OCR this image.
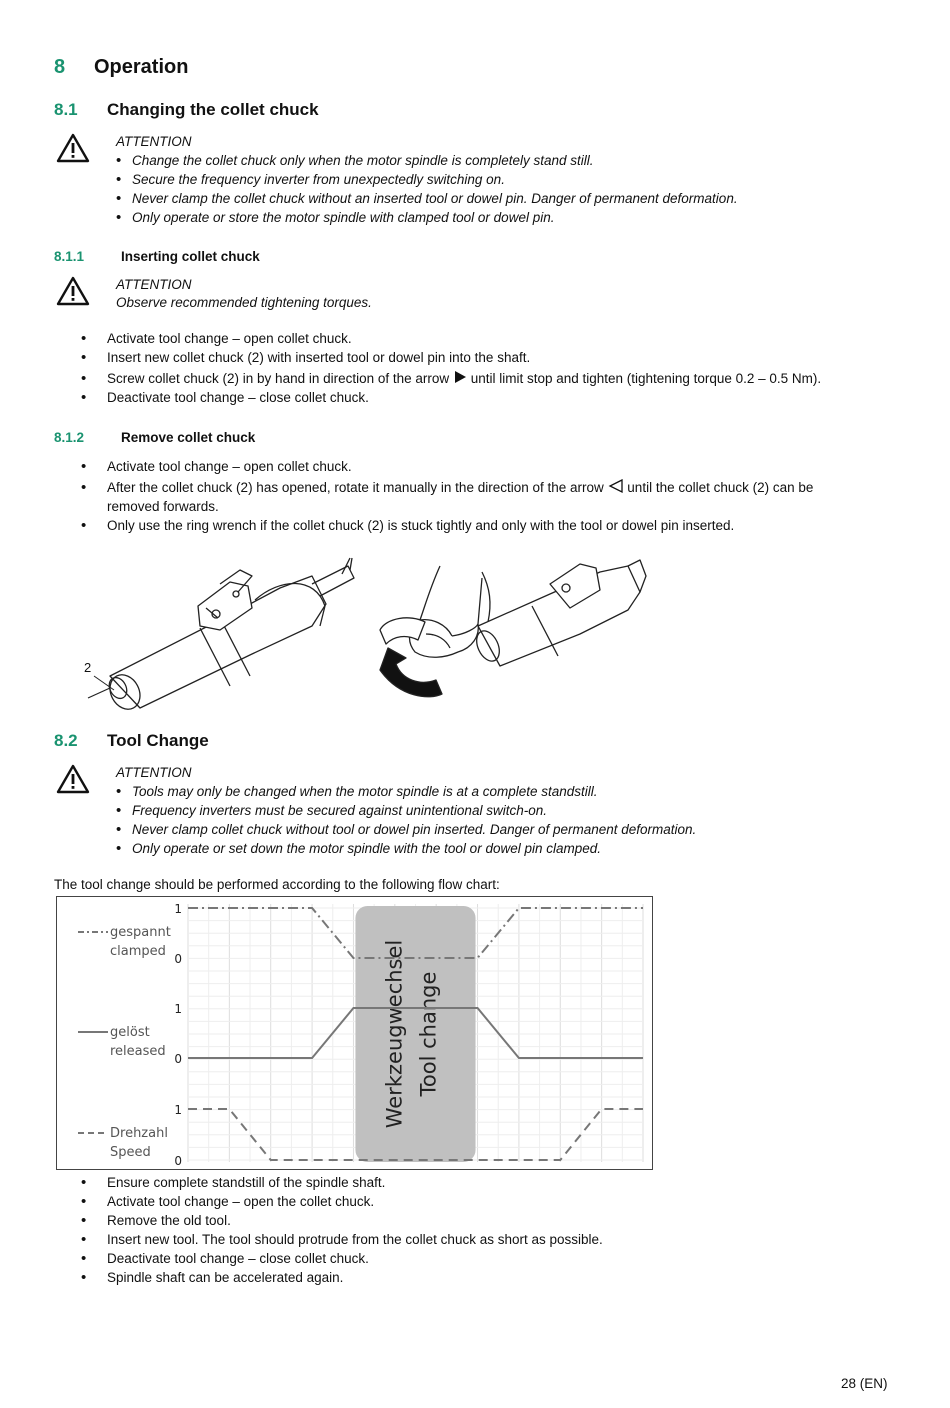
8 Operation
8.1 Changing the collet chuck
ATTENTION
• Change the collet chuck only when the motor spindle is completely stand still.
• Secure the frequency inverter from unexpectedly switching on.
• Never clamp the collet chuck without an inserted tool or dowel pin. Danger of permanent deformation.
• Only operate or store the motor spindle with clamped tool or dowel pin.
8.1.1	Inserting collet chuck
ATTENTION
Observe recommended tightening torques.
• Activate tool change – open collet chuck.
• Insert new collet chuck (2) with inserted tool or dowel pin into the shaft.
• Screw collet chuck (2) in by hand in direction of the arrow until limit stop and tighten (tightening torque 0.2 – 0.5 Nm).
• Deactivate tool change – close collet chuck.
8.1.2	Remove collet chuck
• Activate tool change – open collet chuck.
• After the collet chuck (2) has opened, rotate it manually in the direction of the arrow until the collet chuck (2) can be
removed forwards.
• Only use the ring wrench if the collet chuck (2) is stuck tightly and only with the tool or dowel pin inserted.
2
8.2 Tool Change
ATTENTION
• Tools may only be changed when the motor spindle is at a complete standstill.
• Frequency inverters must be secured against unintentional switch-on.
• Never clamp collet chuck without tool or dowel pin inserted. Danger of permanent deformation.
• Only operate or set down the motor spindle with the tool or dowel pin clamped.
The tool change should be performed according to the following flow chart:
Werkzeugwechsel Tool change
1
0
1
0
1
0
gespannt
clamped
gelöst
released
Drehzahl
Speed
• Ensure complete standstill of the spindle shaft.
• Activate tool change – open the collet chuck.
• Remove the old tool.
• Insert new tool. The tool should protrude from the collet chuck as short as possible.
• Deactivate tool change – close collet chuck.
• Spindle shaft can be accelerated again.
28 (EN)
